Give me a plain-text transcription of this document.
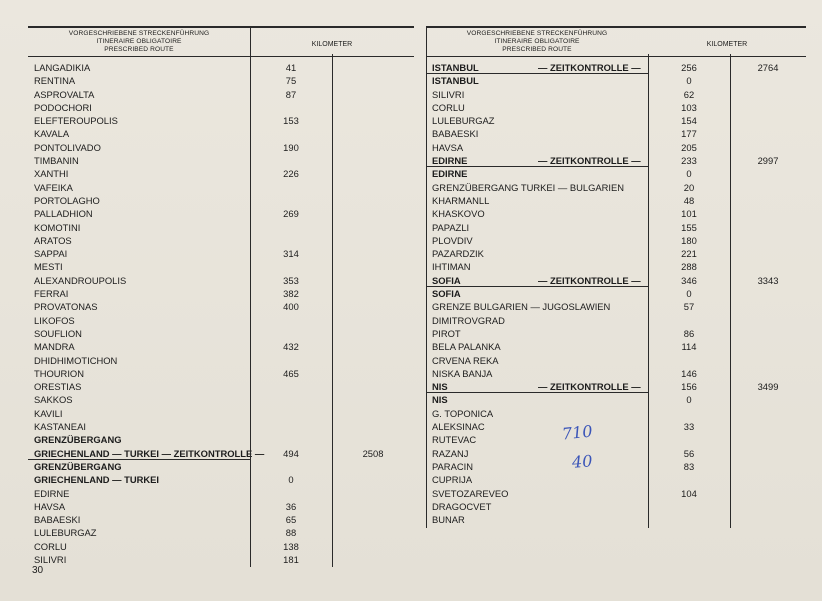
VORGESCHRIEBENE STRECKENFÜHRUNG
ITINERAIRE OBLIGATOIRE
PRESCRIBED ROUTE
KILOMETER
LANGADIKIA	41
RENTINA	75
ASPROVALTA	87
PODOCHORI
ELEFTEROUPOLIS	153
KAVALA
PONTOLIVADO	190
TIMBANIN
XANTHI	226
VAFEIKA
PORTOLAGHO
PALLADHION	269
KOMOTINI
ARATOS
SAPPAI	314
MESTI
ALEXANDROUPOLIS	353
FERRAI	382
PROVATONAS	400
LIKOFOS
SOUFLION
MANDRA	432
DHIDHIMOTICHON
THOURION	465
ORESTIAS
SAKKOS
KAVILI
KASTANEAI
GRENZÜBERGANG
GRIECHENLAND — TURKEI — ZEITKONTROLLE —	494	2508
GRENZÜBERGANG
GRIECHENLAND — TURKEI	0
EDIRNE
HAVSA	36
BABAESKI	65
LULEBURGAZ	88
CORLU	138
SILIVRI	181
VORGESCHRIEBENE STRECKENFÜHRUNG
ITINERAIRE OBLIGATOIRE
PRESCRIBED ROUTE
KILOMETER
ISTANBUL	— ZEITKONTROLLE —	256	2764
ISTANBUL	0
SILIVRI	62
CORLU	103
LULEBURGAZ	154
BABAESKI	177
HAVSA	205
EDIRNE	— ZEITKONTROLLE —	233	2997
EDIRNE	0
GRENZÜBERGANG TURKEI — BULGARIEN	20
KHARMANLL	48
KHASKOVO	101
PAPAZLI	155
PLOVDIV	180
PAZARDZIK	221
IHTIMAN	288
SOFIA	— ZEITKONTROLLE —	346	3343
SOFIA	0
GRENZE BULGARIEN — JUGOSLAWIEN	57
DIMITROVGRAD
PIROT	86
BELA PALANKA	114
CRVENA REKA
NISKA BANJA	146
NIS	— ZEITKONTROLLE —	156	3499
NIS	0
G. TOPONICA
ALEKSINAC	33
RUTEVAC
RAZANJ	56
PARACIN	83
CUPRIJA
SVETOZAREVEO	104
DRAGOCVET
BUNAR
30
710
40
